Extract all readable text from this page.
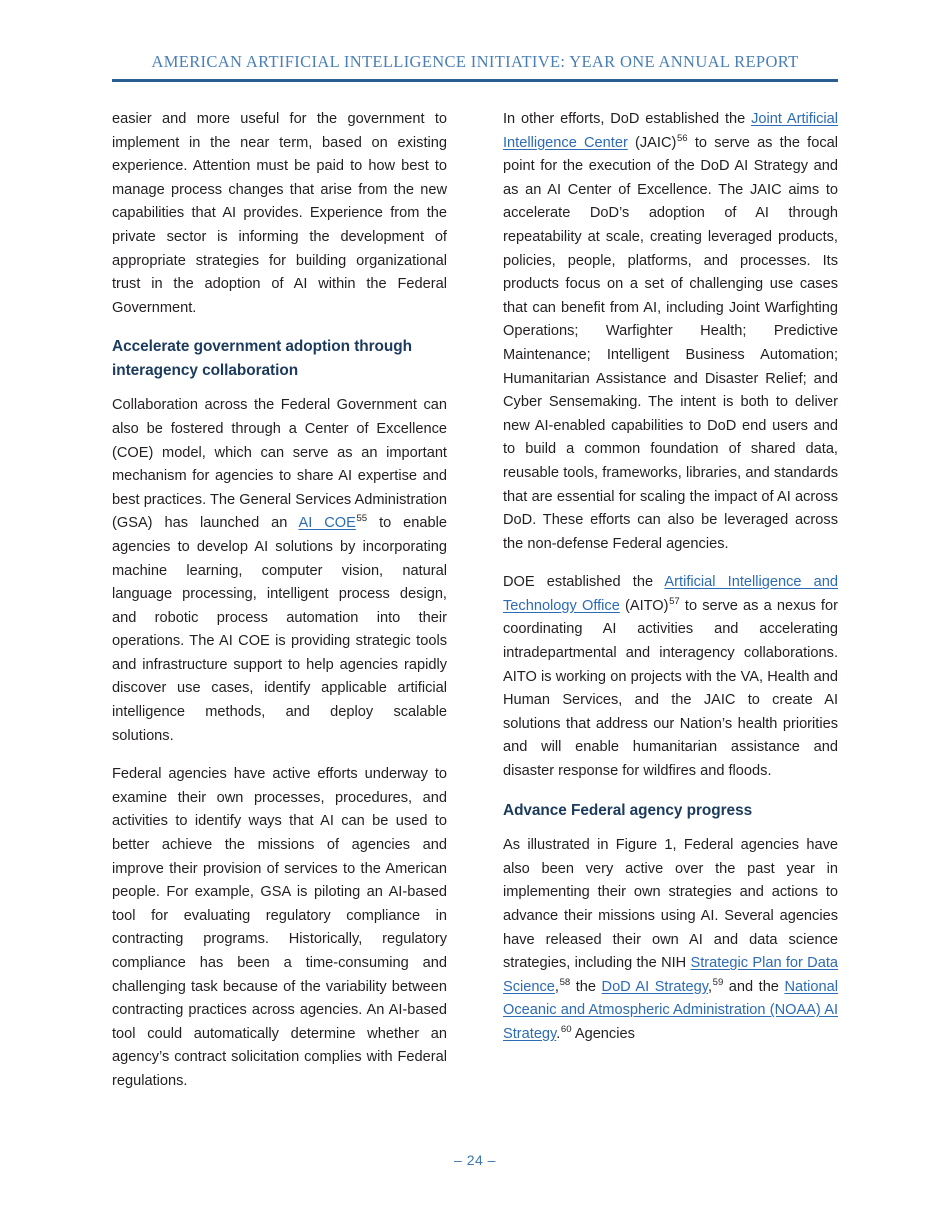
AMERICAN ARTIFICIAL INTELLIGENCE INITIATIVE: YEAR ONE ANNUAL REPORT

easier and more useful for the government to implement in the near term, based on existing experience. Attention must be paid to how best to manage process changes that arise from the new capabilities that AI provides. Experience from the private sector is informing the development of appropriate strategies for building organizational trust in the adoption of AI within the Federal Government.

Accelerate government adoption through interagency collaboration

Collaboration across the Federal Government can also be fostered through a Center of Excellence (COE) model, which can serve as an important mechanism for agencies to share AI expertise and best practices. The General Services Administration (GSA) has launched an AI COE$^{55}$ to enable agencies to develop AI solutions by incorporating machine learning, computer vision, natural language processing, intelligent process design, and robotic process automation into their operations. The AI COE is providing strategic tools and infrastructure support to help agencies rapidly discover use cases, identify applicable artificial intelligence methods, and deploy scalable solutions.

Federal agencies have active efforts underway to examine their own processes, procedures, and activities to identify ways that AI can be used to better achieve the missions of agencies and improve their provision of services to the American people. For example, GSA is piloting an AI-based tool for evaluating regulatory compliance in contracting programs. Historically, regulatory compliance has been a time-consuming and challenging task because of the variability between contracting practices across agencies. An AI-based tool could automatically determine whether an agency’s contract solicitation complies with Federal regulations.

In other efforts, DoD established the Joint Artificial Intelligence Center (JAIC)$^{56}$ to serve as the focal point for the execution of the DoD AI Strategy and as an AI Center of Excellence. The JAIC aims to accelerate DoD’s adoption of AI through repeatability at scale, creating leveraged products, policies, people, platforms, and processes. Its products focus on a set of challenging use cases that can benefit from AI, including Joint Warfighting Operations; Warfighter Health; Predictive Maintenance; Intelligent Business Automation; Humanitarian Assistance and Disaster Relief; and Cyber Sensemaking. The intent is both to deliver new AI-enabled capabilities to DoD end users and to build a common foundation of shared data, reusable tools, frameworks, libraries, and standards that are essential for scaling the impact of AI across DoD. These efforts can also be leveraged across the non-defense Federal agencies.

DOE established the Artificial Intelligence and Technology Office (AITO)$^{57}$ to serve as a nexus for coordinating AI activities and accelerating intradepartmental and interagency collaborations. AITO is working on projects with the VA, Health and Human Services, and the JAIC to create AI solutions that address our Nation’s health priorities and will enable humanitarian assistance and disaster response for wildfires and floods.

Advance Federal agency progress

As illustrated in Figure 1, Federal agencies have also been very active over the past year in implementing their own strategies and actions to advance their missions using AI. Several agencies have released their own AI and data science strategies, including the NIH Strategic Plan for Data Science,$^{58}$ the DoD AI Strategy,$^{59}$ and the National Oceanic and Atmospheric Administration (NOAA) AI Strategy.$^{60}$ Agencies

– 24 –
